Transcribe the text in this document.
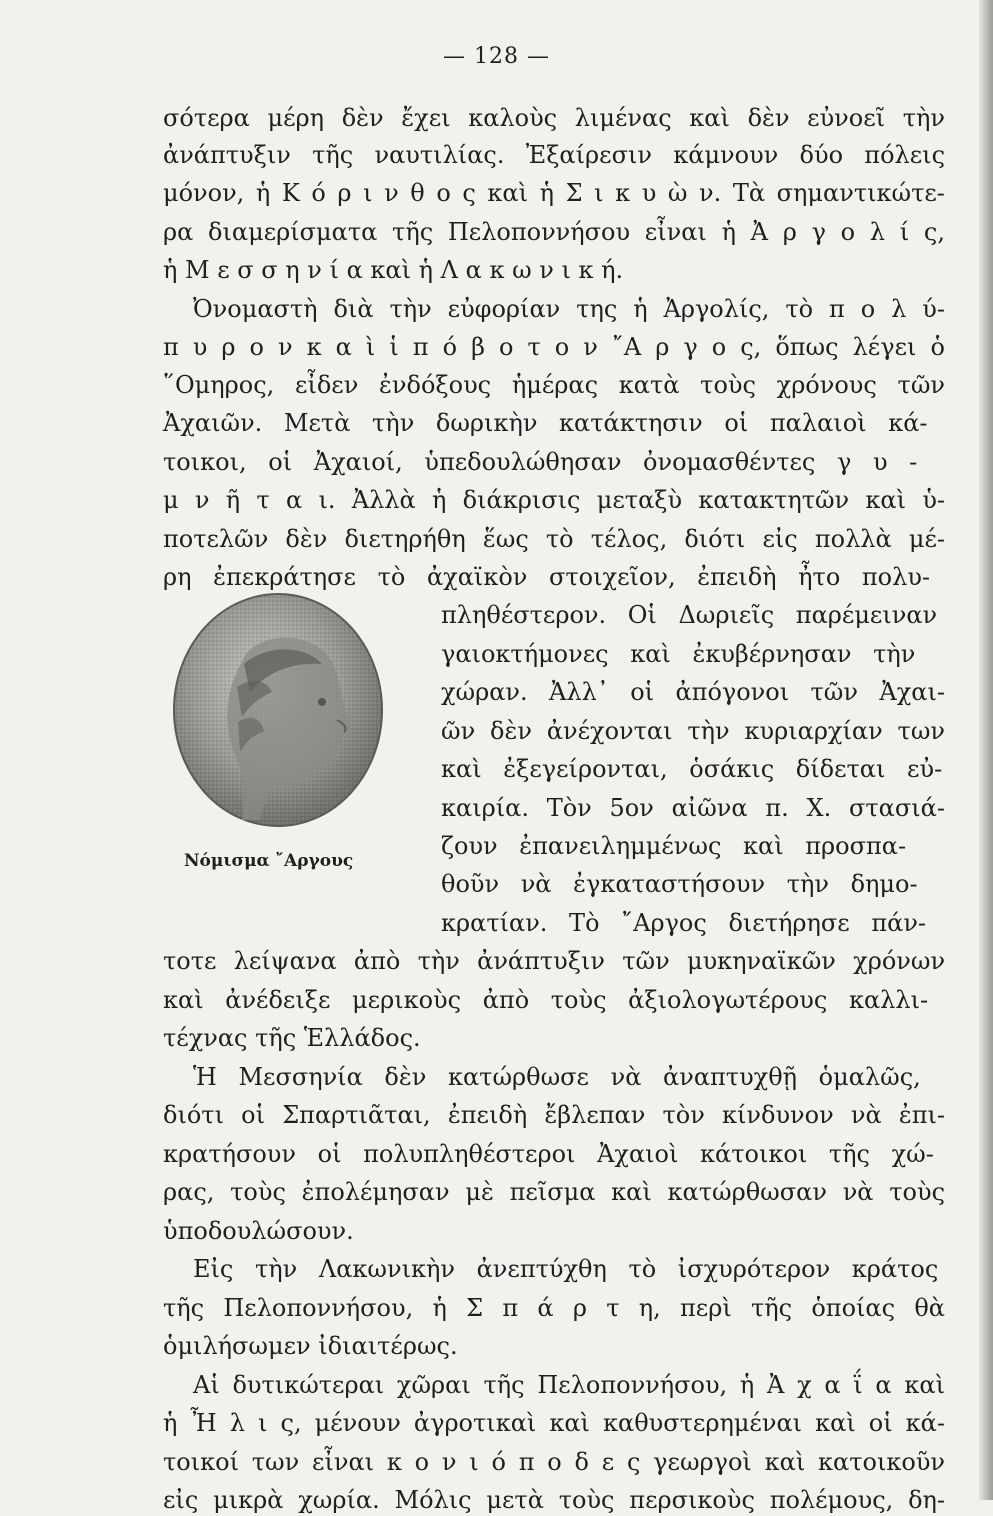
— 128 —
σότερα μέρη δὲν ἔχει καλοὺς λιμένας καὶ δὲν εὐνοεῖ τὴν
ἀνάπτυξιν τῆς ναυτιλίας. Ἐξαίρεσιν κάμνουν δύο πόλεις
μόνον, ἡ Κ ό ρ ι ν θ ο ς καὶ ἡ Σ ι κ υ ὼ ν. Τὰ σημαντικώτε-
ρα διαμερίσματα τῆς Πελοποννήσου εἶναι ἡ Ἀ ρ γ ο λ ί ς,
ἡ Μ ε σ σ η ν ί α καὶ ἡ Λ α κ ω ν ι κ ή.
Ὀνομαστὴ διὰ τὴν εὐφορίαν της ἡ Ἀργολίς, τὸ π ο λ ύ-
π υ ρ ο ν κ α ὶ ἱ π ό β ο τ ο ν ῎Α ρ γ ο ς, ὅπως λέγει ὁ
῞Ομηρος, εἶδεν ἐνδόξους ἡμέρας κατὰ τοὺς χρόνους τῶν
Ἀχαιῶν. Μετὰ τὴν δωρικὴν κατάκτησιν οἱ παλαιοὶ κά-
τοικοι, οἱ Ἀχαιοί, ὑπεδουλώθησαν ὀνομασθέντες γ υ -
μ ν ῆ τ α ι. Ἀλλὰ ἡ διάκρισις μεταξὺ κατακτητῶν καὶ ὑ-
ποτελῶν δὲν διετηρήθη ἕως τὸ τέλος, διότι εἰς πολλὰ μέ-
ρη ἐπεκράτησε τὸ ἀχαϊκὸν στοιχεῖον, ἐπειδὴ ἦτο πολυ-
πληθέστερον. Οἱ Δωριεῖς παρέμειναν
γαιοκτήμονες καὶ ἐκυβέρνησαν τὴν
χώραν. Ἀλλ᾽ οἱ ἀπόγονοι τῶν Ἀχαι-
ῶν δὲν ἀνέχονται τὴν κυριαρχίαν των
καὶ ἐξεγείρονται, ὁσάκις δίδεται εὐ-
καιρία. Τὸν 5ον αἰῶνα π. Χ. στασιά-
ζουν ἐπανειλημμένως καὶ προσπα-
θοῦν νὰ ἐγκαταστήσουν τὴν δημο-
κρατίαν. Τὸ ῎Αργος διετήρησε πάν-
τοτε λείψανα ἀπὸ τὴν ἀνάπτυξιν τῶν μυκηναϊκῶν χρόνων
καὶ ἀνέδειξε μερικοὺς ἀπὸ τοὺς ἀξιολογωτέρους καλλι-
τέχνας τῆς Ἑλλάδος.
Ἡ Μεσσηνία δὲν κατώρθωσε νὰ ἀναπτυχθῇ ὁμαλῶς,
διότι οἱ Σπαρτιᾶται, ἐπειδὴ ἔβλεπαν τὸν κίνδυνον νὰ ἐπι-
κρατήσουν οἱ πολυπληθέστεροι Ἀχαιοὶ κάτοικοι τῆς χώ-
ρας, τοὺς ἐπολέμησαν μὲ πεῖσμα καὶ κατώρθωσαν νὰ τοὺς
ὑποδουλώσουν.
Εἰς τὴν Λακωνικὴν ἀνεπτύχθη τὸ ἰσχυρότερον κράτος
τῆς Πελοποννήσου, ἡ Σ π ά ρ τ η, περὶ τῆς ὁποίας θὰ
ὁμιλήσωμεν ἰδιαιτέρως.
Αἱ δυτικώτεραι χῶραι τῆς Πελοποννήσου, ἡ Ἀ χ α ΐ α καὶ
ἡ Ἦ λ ι ς, μένουν ἀγροτικαὶ καὶ καθυστερημέναι καὶ οἱ κά-
τοικοί των εἶναι κ ο ν ι ό π ο δ ε ς γεωργοὶ καὶ κατοικοῦν
εἰς μικρὰ χωρία. Μόλις μετὰ τοὺς περσικοὺς πολέμους, δη-
Νόμισμα ῎Αργους
